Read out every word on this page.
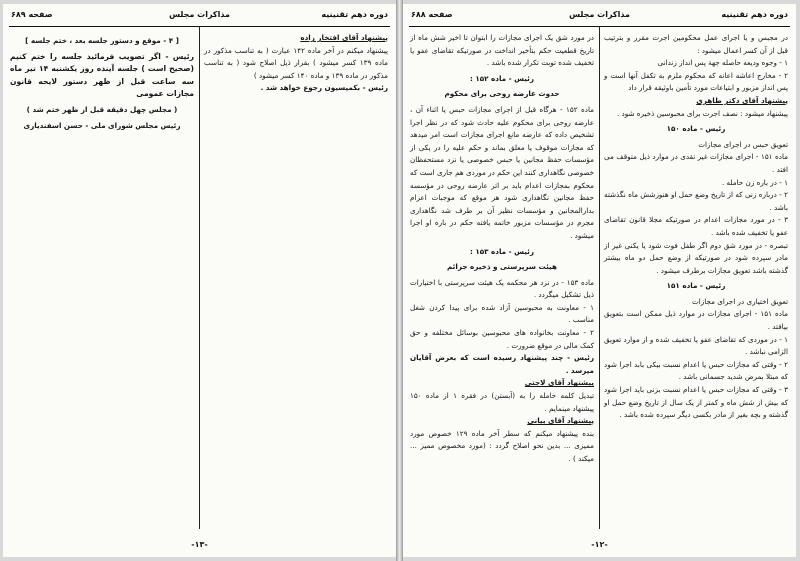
دوره دهم تقنينيه
مذاکرات مجلس
صفحه ۶۸۹

پیشنهاد آقای افتخار زاده

پیشنهاد میکنم در آخر ماده ۱۴۲ عبارت ( به تناسب مذکور در ماده ۱۳۹ کسر میشود ) بقرار ذیل اصلاح شود ( به تناسب مذکور در ماده ۱۳۹ و ماده ۱۴۰ کسر میشود )

رئیس - بکمیسیون رجوع خواهد شد .

[ ۴ - موقع و دستور جلسه بعد ، ختم جلسه ]

رئیس - اگر تصویب فرمائید جلسه را ختم کنیم (صحیح است ) جلسه آینده روز یکشنبه ۱۴ تیر ماه سه ساعت قبل از ظهر دستور لایحه قانون مجازات عمومی

( مجلس چهل دقیقه قبل از ظهر ختم شد )

رئیس مجلس شورای ملی - حسن اسفندیاری

-۱۳-
دوره دهم تقنينيه
مذاکرات مجلس
صفحه ۶۸۸

در مجبس و یا اجرای عمل محکومین اجرت مقرر و بترتیب قبل از آن کسر اعمال میشود :

۱ - وجوه ودیعه حاصله جهة پس انداز زندانی

۲ - مخارج اعاشه اعانه که محکوم ملزم به تکفل آنها است و پس انداز مزبور و ابتیاعات مورد تأمین باوثیقه قرار داد

پیشنهاد آقای دکتر طاهری

پیشنهاد میشود : نصف اجرت برای محبوسین ذخیره شود .

رئیس - ماده ۱۵۰

تعویق حبس در اجرای مجازات

ماده ۱۵۱ - اجرای مجازات غیر نقدی در موارد ذیل متوقف می افتد .

۱ - در باره زن حامله .

۲ - درباره زنی که از تاریخ وضع حمل او هنوزشش ماه نگذشته باشد .

۳ - در مورد مجازات اعدام در صورتیکه مجلا قانون تقاضای عفو یا تخفیف شده باشد .

تبصره - در مورد شق دوم اگر طفل فوت شود یا یکنی غیر از مادر سپرده شود در صورتیکه از وضع حمل دو ماه بیشتر گذشته باشد تعویق مجازات برطرف میشود .

رئیس - ماده ۱۵۱

تعویق اختیاری در اجرای مجازات

ماده ۱۵۱ - اجرای مجازات در موارد ذیل ممکن است بتعویق بیافتد .

۱ - در موردی که تقاضای عفو یا تخفیف شده و از موارد تعویق الزامی نباشد .

۲ - وقتی که مجازات حبس یا اعدام نسبت بیکی بابد اجرا شود که مبتلا بمرض شدید جسمانی باشد .

۳ - وقتی که مجازات حبس یا اعدام نسبت بزنی باید اجرا شود که بیش از شش ماه و کمتر از یک سال از تاریخ وضع حمل او گذشته و بچه بغیر از مادر بکسی دیگر سپرده شده باشد .

در مورد شق یک اجرای مجازات را ابتوان تا اخیر شش ماه از تاریخ قطعیت حکم بتأخیر انداخت در صورتیکه تقاضای عفو یا تخفیف شده توبت تکرار شده باشد .

رئیس - ماده ۱۵۲ :

حدوث عارضه روحی برای محکوم

ماده ۱۵۲ - هرگاه قبل از اجرای مجازات حبس یا اثناء آن ، عارضه روحی برای محکوم علیه حادث شود که در نظر اجرا تشخیص داده که عارضه مانع اجرای مجازات است امر میدهد که مجازات موقوف یا معلق بماند و حکم علیه را در یکی از مؤسسات حفظ مجانین یا حبس خصوصی یا نزد مستحفظان خصوصی نگاهداری کنند این حکم در موردی هم جاری است که محکوم بمجازات اعدام باید بر اثر عارضه روحی در مؤسسه حفظ مجانین نگاهداری شود هر موقع که موجبات اعزام بدارالمجانین و مؤسسات نظیر آن بر طرف شد نگاهداری مجرم در مؤسسات مزبور خاتمه یافته حکم در باره او اجرا میشود .

رئیس - ماده ۱۵۳ :

هیئت سرپرستی و ذخیره جرائم

ماده ۱۵۳ - در نزد هر محکمه یک هیئت سرپرستی با اختیارات ذیل تشکیل میگردد .

۱ - معاونت به محبوسین آزاد شده برای پیدا کردن شغل مناسب .

۲ - معاونت بخانواده های محبوسین بوسائل مختلفه و حق کمک مالی در موقع ضرورت .

رئیس - چند پیشنهاد رسیده است که بعرض آقایان میرسد .

پیشنهاد آقای لاجتی

تبدیل کلمه حامله را به (آبستن) در فقره ۱ از ماده ۱۵۰ پیشنهاد مینمایم .

پیشنهاد آقای بیانی

بنده پیشنهاد میکنم که سطر آخر ماده ۱۲۹ خصوص مورد ممیزی ... بدین نحو اصلاح گردد : (مورد مخصوص ممیز ... میکند ) .

-۱۲-
